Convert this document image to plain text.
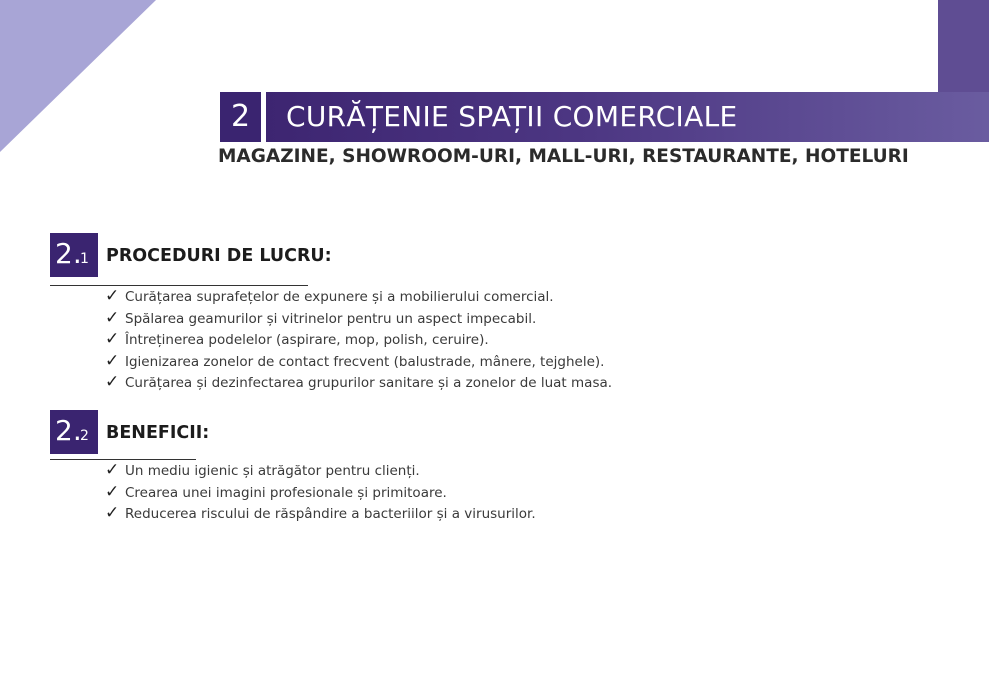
2	CURĂȚENIE SPAȚII COMERCIALE
MAGAZINE, SHOWROOM-URI, MALL-URI, RESTAURANTE, HOTELURI
2.
1 PROCEDURI DE LUCRU:
✓ Curățarea suprafețelor de expunere și a mobilierului comercial.
✓ Spălarea geamurilor și vitrinelor pentru un aspect impecabil.
✓ Întreținerea podelelor (aspirare, mop, polish, ceruire).
✓ Igienizarea zonelor de contact frecvent (balustrade, mânere, tejghele).
✓ Curățarea și dezinfectarea grupurilor sanitare și a zonelor de luat masa.
2.
2 BENEFICII:
✓ Un mediu igienic și atrăgător pentru clienți.
✓ Crearea unei imagini profesionale și primitoare.
✓ Reducerea riscului de răspândire a bacteriilor și a virusurilor.
